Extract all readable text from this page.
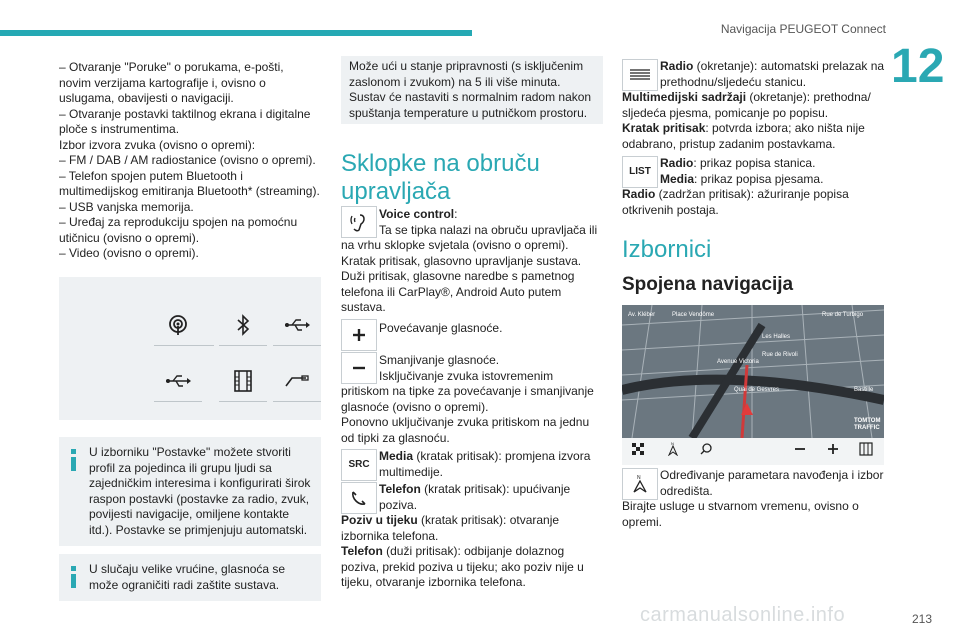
Navigacija PEUGEOT Connect
12

– Otvaranje "Poruke" o porukama, e-pošti,

novim verzijama kartografije i, ovisno o

uslugama, obavijesti o navigaciji.

– Otvaranje postavki taktilnog ekrana i digitalne

ploče s instrumentima.

Izbor izvora zvuka (ovisno o opremi):

– FM / DAB / AM radiostanice (ovisno o opremi).

– Telefon spojen putem Bluetooth i

multimedijskog emitiranja Bluetooth* (streaming).

– USB vanjska memorija.

– Uređaj za reprodukciju spojen na pomoćnu

utičnicu (ovisno o opremi).

– Video (ovisno o opremi).

U izborniku "Postavke" možete stvoriti profil za pojedinca ili grupu ljudi sa zajedničkim interesima i konfigurirati širok raspon postavki (postavke za radio, zvuk, povijesti navigacije, omiljene kontakte itd.). Postavke se primjenjuju automatski.

U slučaju velike vrućine, glasnoća se može ograničiti radi zaštite sustava.

Može ući u stanje pripravnosti (s isključenim zaslonom i zvukom) na 5 ili više minuta. Sustav će nastaviti s normalnim radom nakon spuštanja temperature u putničkom prostoru.

Sklopke na obruču
upravljača

Voice control:

Ta se tipka nalazi na obruču upravljača ili na vrhu sklopke svjetala (ovisno o opremi).

Kratak pritisak, glasovno upravljanje sustava.

Duži pritisak, glasovne naredbe s pametnog telefona ili CarPlay®, Android Auto putem sustava.

Povećavanje glasnoće.

Smanjivanje glasnoće.

Isključivanje zvuka istovremenim pritiskom na tipke za povećavanje i smanjivanje glasnoće (ovisno o opremi).

Ponovno uključivanje zvuka pritiskom na jednu od tipki za glasnoću.

SRC

Media (kratak pritisak): promjena izvora multimedije.

Telefon (kratak pritisak): upućivanje poziva.

Poziv u tijeku (kratak pritisak): otvaranje izbornika telefona.

Telefon (duži pritisak): odbijanje dolaznog poziva, prekid poziva u tijeku; ako poziv nije u tijeku, otvaranje izbornika telefona.

Radio (okretanje): automatski prelazak na prethodnu/sljedeću stanicu.

Multimedijski sadržaji (okretanje): prethodna/ sljedeća pjesma, pomicanje po popisu.

Kratak pritisak: potvrda izbora; ako ništa nije odabrano, pristup zadanim postavkama.

LIST

Radio: prikaz popisa stanica.

Media: prikaz popisa pjesama.

Radio (zadržan pritisak): ažuriranje popisa otkrivenih postaja.

Izbornici
Spojena navigacija
Av. Kléber	Place Vendôme	Rue de Turbigo
Les Halles
Avenue Victoria
Rue de Rivoli
Quai de Gesvres	Bastille
TOMTOM TRAFFIC
N
N	Određivanje parametara navođenja i izbor odredišta.

Birajte usluge u stvarnom vremenu, ovisno o opremi.

carmanualsonline.info	213
